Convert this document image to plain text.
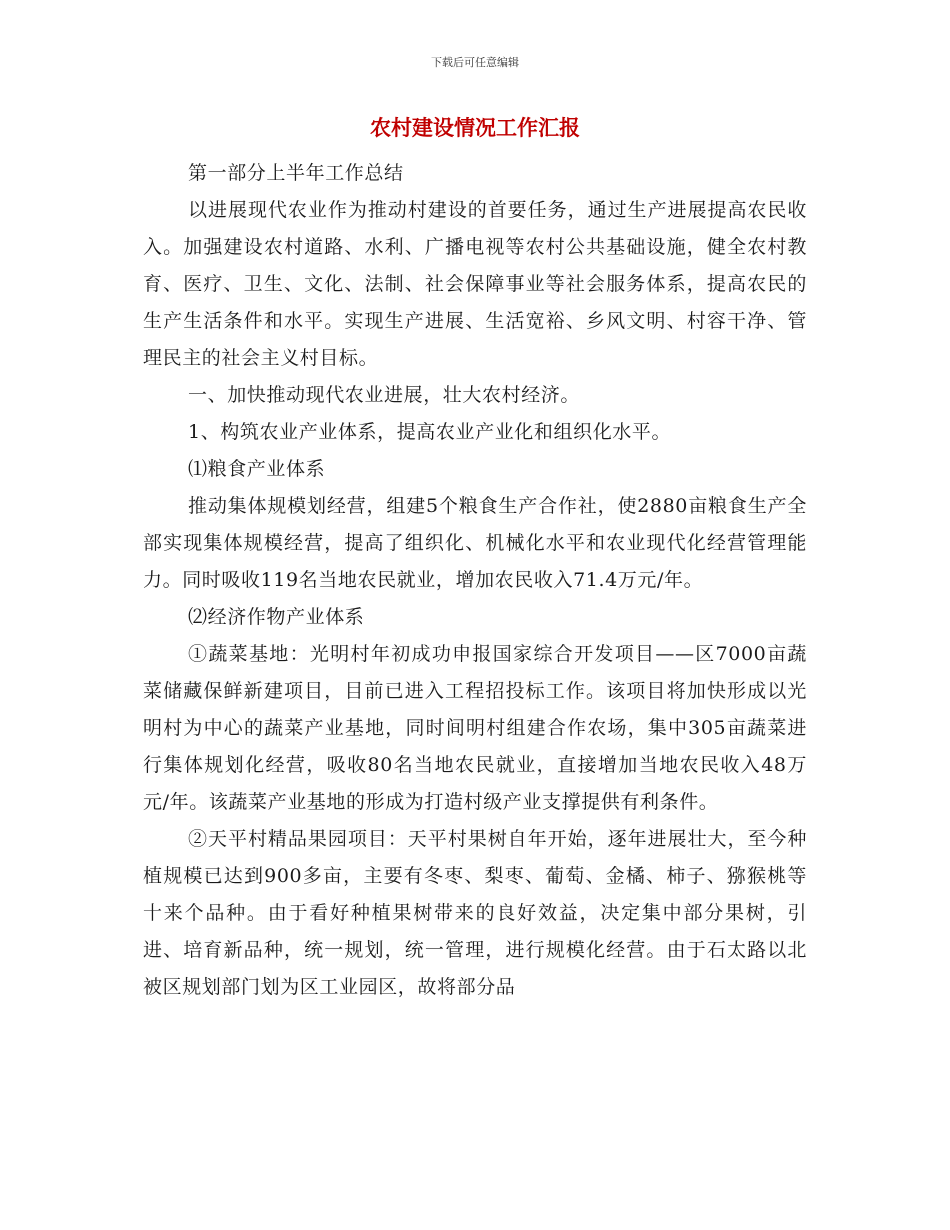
下载后可任意编辑
农村建设情况工作汇报

第一部分上半年工作总结

以进展现代农业作为推动村建设的首要任务，通过生产进展提高农民收入。加强建设农村道路、水利、广播电视等农村公共基础设施，健全农村教育、医疗、卫生、文化、法制、社会保障事业等社会服务体系，提高农民的生产生活条件和水平。实现生产进展、生活宽裕、乡风文明、村容干净、管理民主的社会主义村目标。

一、加快推动现代农业进展，壮大农村经济。

1、构筑农业产业体系，提高农业产业化和组织化水平。

⑴粮食产业体系

推动集体规模划经营，组建5个粮食生产合作社，使2880亩粮食生产全部实现集体规模经营，提高了组织化、机械化水平和农业现代化经营管理能力。同时吸收119名当地农民就业，增加农民收入71.4万元/年。

⑵经济作物产业体系

①蔬菜基地：光明村年初成功申报国家综合开发项目——区7000亩蔬菜储藏保鲜新建项目，目前已进入工程招投标工作。该项目将加快形成以光明村为中心的蔬菜产业基地，同时间明村组建合作农场，集中305亩蔬菜进行集体规划化经营，吸收80名当地农民就业，直接增加当地农民收入48万元/年。该蔬菜产业基地的形成为打造村级产业支撑提供有利条件。

②天平村精品果园项目：天平村果树自年开始，逐年进展壮大，至今种植规模已达到900多亩，主要有冬枣、梨枣、葡萄、金橘、柿子、猕猴桃等十来个品种。由于看好种植果树带来的良好效益，决定集中部分果树，引进、培育新品种，统一规划，统一管理，进行规模化经营。由于石太路以北被区规划部门划为区工业园区，故将部分品
